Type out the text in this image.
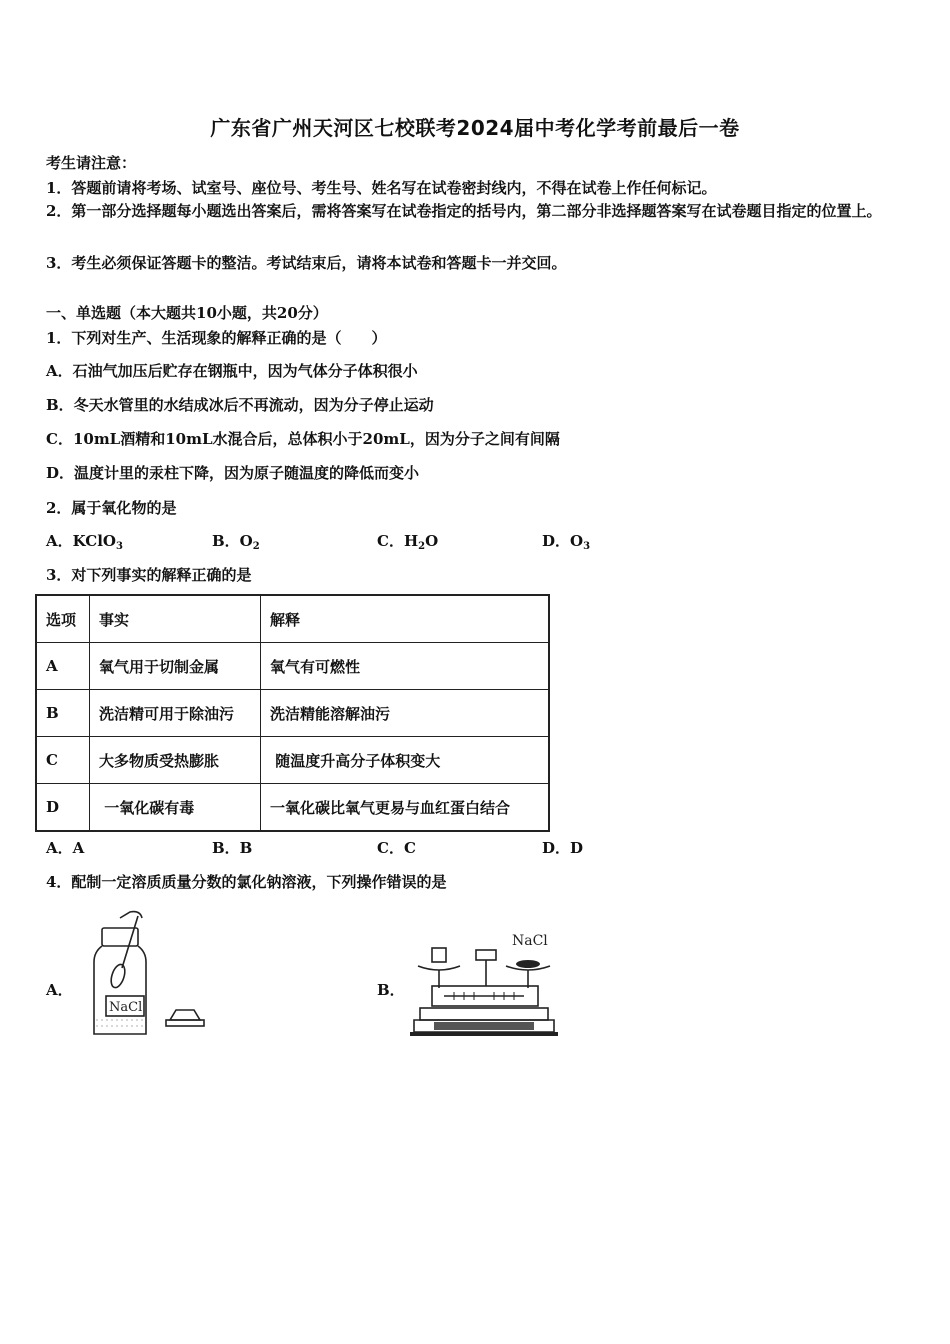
广东省广州天河区七校联考2024届中考化学考前最后一卷
考生请注意：
1．答题前请将考场、试室号、座位号、考生号、姓名写在试卷密封线内，不得在试卷上作任何标记。
2．第一部分选择题每小题选出答案后，需将答案写在试卷指定的括号内，第二部分非选择题答案写在试卷题目指定的位置上。
3．考生必须保证答题卡的整洁。考试结束后，请将本试卷和答题卡一并交回。
一、单选题（本大题共10小题，共20分）
1．下列对生产、生活现象的解释正确的是（　　）
A．石油气加压后贮存在钢瓶中，因为气体分子体积很小
B．冬天水管里的水结成冰后不再流动，因为分子停止运动
C．10mL酒精和10mL水混合后，总体积小于20mL，因为分子之间有间隔
D．温度计里的汞柱下降，因为原子随温度的降低而变小
2．属于氧化物的是
A．KClO$_3$	B．$O_2$	C．$H_2O$	D．$O_3$
3．对下列事实的解释正确的是
选项	事实	解释
A	氧气用于切制金属	氧气有可燃性
B	洗洁精可用于除油污	洗洁精能溶解油污
C	大多物质受热膨胀	随温度升高分子体积变大
D	一氧化碳有毒	一氧化碳比氧气更易与血红蛋白结合
A．A	B．B	C．C	D．D
4．配制一定溶质质量分数的氯化钠溶液，下列操作错误的是
A．	B．
NaCl
NaCl
